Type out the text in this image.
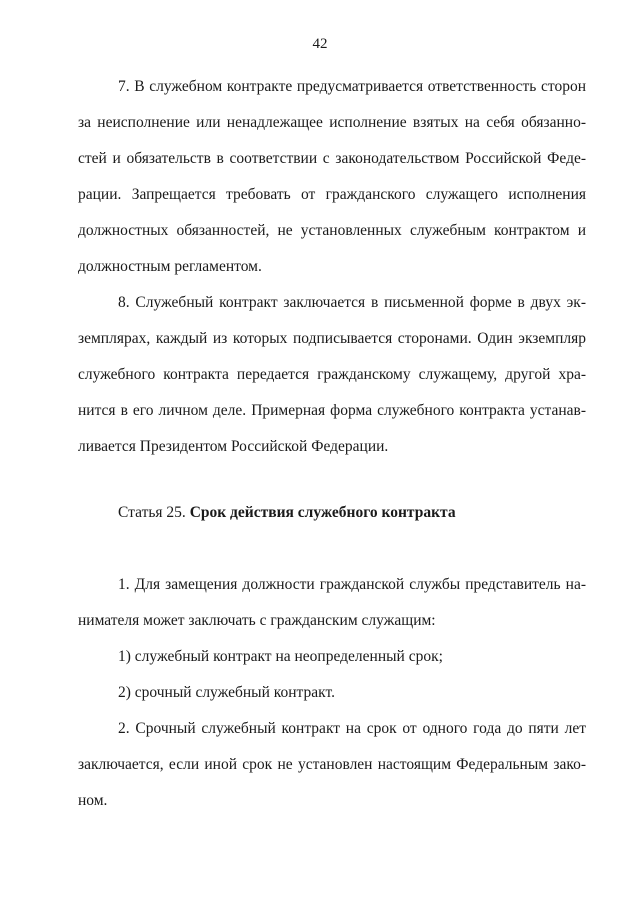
42
7. В служебном контракте предусматривается ответственность сторон
за неисполнение или ненадлежащее исполнение взятых на себя обязанно-
стей и обязательств в соответствии с законодательством Российской Феде-
рации. Запрещается требовать от гражданского служащего исполнения
должностных обязанностей, не установленных служебным контрактом и
должностным регламентом.
8. Служебный контракт заключается в письменной форме в двух эк-
земплярах, каждый из которых подписывается сторонами. Один экземпляр
служебного контракта передается гражданскому служащему, другой хра-
нится в его личном деле. Примерная форма служебного контракта устанав-
ливается Президентом Российской Федерации.
Статья 25. Срок действия служебного контракта
1. Для замещения должности гражданской службы представитель на-
нимателя может заключать с гражданским служащим:
1) служебный контракт на неопределенный срок;
2) срочный служебный контракт.
2. Срочный служебный контракт на срок от одного года до пяти лет
заключается, если иной срок не установлен настоящим Федеральным зако-
ном.
